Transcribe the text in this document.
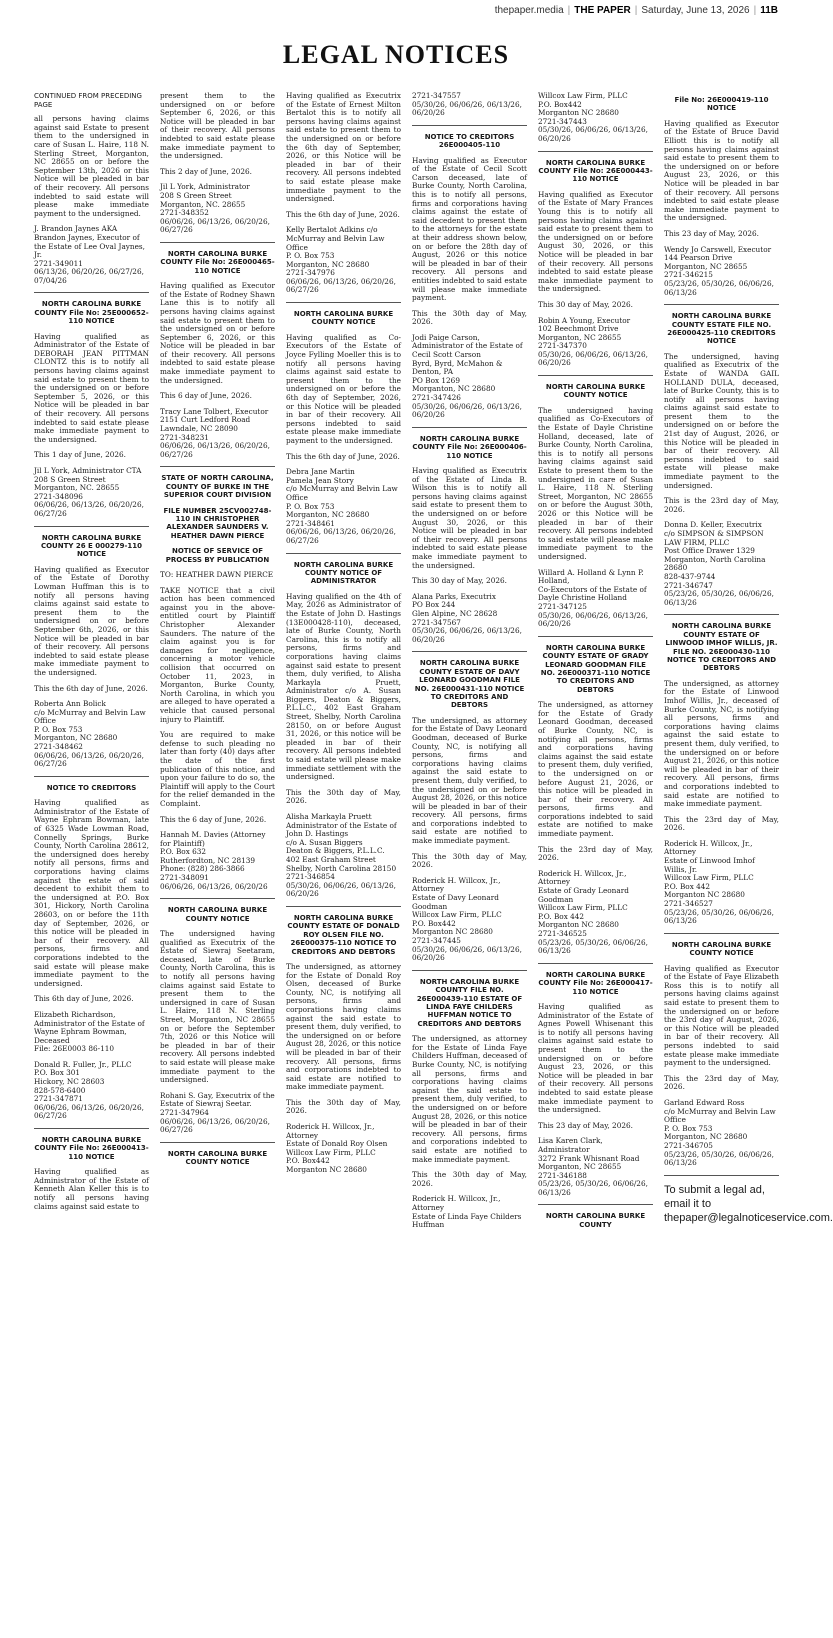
thepaper.media | THE PAPER | Saturday, June 13, 2026 | 11B
LEGAL NOTICES
CONTINUED FROM PRECEDING PAGE
all persons having claims against said Estate to present them to the undersigned in care of Susan L. Haire, 118 N. Sterling Street, Morganton, NC 28655 on or before the September 13th, 2026 or this Notice will be pleaded in bar of their recovery. All persons indebted to said estate will please make immediate payment to the undersigned.
J. Brandon Jaynes AKA Brandon Jaynes, Executor of the Estate of Lee Oval Jaynes, Jr.
2721-349011
06/13/26, 06/20/26, 06/27/26, 07/04/26
NORTH CAROLINA BURKE COUNTY File No: 25E000652-110 NOTICE
Having qualified as Administrator of the Estate of DEBORAH JEAN PITTMAN CLONTZ this is to notify all persons having claims against said estate to present them to the undersigned on or before September 5, 2026, or this Notice will be pleaded in bar of their recovery. All persons indebted to said estate please make immediate payment to the undersigned.
This 1 day of June, 2026.
Jil L York, Administrator CTA
208 S Green Street
Morganton, NC. 28655
2721-348096
06/06/26, 06/13/26, 06/20/26, 06/27/26
NORTH CAROLINA BURKE COUNTY 26 E 000279-110 NOTICE
Having qualified as Executor of the Estate of Dorothy Lowman Huffman this is to notify all persons having claims against said estate to present them to the undersigned on or before September 6th, 2026, or this Notice will be pleaded in bar of their recovery. All persons indebted to said estate please make immediate payment to the undersigned.
This the 6th day of June, 2026.
Roberta Ann Bolick
c/o McMurray and Belvin Law Office
P. O. Box 753
Morganton, NC 28680
2721-348462
06/06/26, 06/13/26, 06/20/26, 06/27/26
NOTICE TO CREDITORS
Having qualified as Administrator of the Estate of Wayne Ephram Bowman, late of 6325 Wade Lowman Road, Connelly Springs, Burke County, North Carolina 28612, the undersigned does hereby notify all persons, firms and corporations having claims against the estate of said decedent to exhibit them to the undersigned at P.O. Box 301, Hickory, North Carolina 28603, on or before the 11th day of September, 2026, or this notice will be pleaded in bar of their recovery. All persons, firms and corporations indebted to the said estate will please make immediate payment to the undersigned.
This 6th day of June, 2026.
Elizabeth Richardson, Administrator of the Estate of Wayne Ephram Bowman,
Deceased
File: 26E0003 86-110
Donald R. Fuller, Jr., PLLC
P.O. Box 301
Hickory, NC 28603
828-578-6400
2721-347871
06/06/26, 06/13/26, 06/20/26, 06/27/26
NORTH CAROLINA BURKE COUNTY File No: 26E000413-110 NOTICE
Having qualified as Administrator of the Estate of Kenneth Alan Keller this is to notify all persons having claims against said estate to
present them to the undersigned on or before September 6, 2026, or this Notice will be pleaded in bar of their recovery. All persons indebted to said estate please make immediate payment to the undersigned.
This 2 day of June, 2026.
Jil L York, Administrator
208 S Green Street
Morganton, NC. 28655
2721-348352
06/06/26, 06/13/26, 06/20/26, 06/27/26
NORTH CAROLINA BURKE COUNTY File No: 26E000465-110 NOTICE
Having qualified as Executor of the Estate of Rodney Shawn Lane this is to notify all persons having claims against said estate to present them to the undersigned on or before September 6, 2026, or this Notice will be pleaded in bar of their recovery. All persons indebted to said estate please make immediate payment to the undersigned.
This 6 day of June, 2026.
Tracy Lane Tolbert, Executor
2151 Curt Ledford Road
Lawndale, NC 28090
2721-348231
06/06/26, 06/13/26, 06/20/26, 06/27/26
STATE OF NORTH CAROLINA, COUNTY OF BURKE IN THE SUPERIOR COURT DIVISION
FILE NUMBER 25CV002748-110 IN CHRISTOPHER ALEXANDER SAUNDERS V. HEATHER DAWN PIERCE
NOTICE OF SERVICE OF PROCESS BY PUBLICATION
TO: HEATHER DAWN PIERCE
TAKE NOTICE that a civil action has been commenced against you in the above-entitled court by Plaintiff Christopher Alexander Saunders. The nature of the claim against you is for damages for negligence, concerning a motor vehicle collision that occurred on October 11, 2023, in Morganton, Burke County, North Carolina, in which you are alleged to have operated a vehicle that caused personal injury to Plaintiff.
You are required to make defense to such pleading no later than forty (40) days after the date of the first publication of this notice, and upon your failure to do so, the Plaintiff will apply to the Court for the relief demanded in the Complaint.
This the 6 day of June, 2026.
Hannah M. Davies (Attorney for Plaintiff)
P.O. Box 632
Rutherfordton, NC 28139
Phone: (828) 286-3866
2721-348091
06/06/26, 06/13/26, 06/20/26
NORTH CAROLINA BURKE COUNTY NOTICE
The undersigned having qualified as Executrix of the Estate of Siewraj Seetaram, deceased, late of Burke County, North Carolina, this is to notify all persons having claims against said Estate to present them to the undersigned in care of Susan L. Haire, 118 N. Sterling Street, Morganton, NC 28655 on or before the September 7th, 2026 or this Notice will be pleaded in bar of their recovery. All persons indebted to said estate will please make immediate payment to the undersigned.
Rohani S. Gay, Executrix of the Estate of Siewraj Seetar.
2721-347964
06/06/26, 06/13/26, 06/20/26, 06/27/26
NORTH CAROLINA BURKE COUNTY NOTICE
Having qualified as Executrix of the Estate of Ernest Milton Bertalot this is to notify all persons having claims against said estate to present them to the undersigned on or before the 6th day of September, 2026, or this Notice will be pleaded in bar of their recovery. All persons indebted to said estate please make immediate payment to the undersigned.
This the 6th day of June, 2026.
Kelly Bertalot Adkins c/o McMurray and Belvin Law Office
P. O. Box 753
Morganton, NC 28680
2721-347976
06/06/26, 06/13/26, 06/20/26, 06/27/26
NORTH CAROLINA BURKE COUNTY NOTICE
Having qualified as Co-Executors of the Estate of Joyce Fylling Moeller this is to notify all persons having claims against said estate to present them to the undersigned on or before the 6th day of September, 2026, or this Notice will be pleaded in bar of their recovery. All persons indebted to said estate please make immediate payment to the undersigned.
This the 6th day of June, 2026.
Debra Jane Martin
Pamela Jean Story
c/o McMurray and Belvin Law Office
P. O. Box 753
Morganton, NC 28680
2721-348461
06/06/26, 06/13/26, 06/20/26, 06/27/26
NORTH CAROLINA BURKE COUNTY NOTICE OF ADMINISTRATOR
Having qualified on the 4th of May, 2026 as Administrator of the Estate of John D. Hastings (13E000428-110), deceased, late of Burke County, North Carolina, this is to notify all persons, firms and corporations having claims against said estate to present them, duly verified, to Alisha Markayla Pruett, Administrator c/o A. Susan Biggers, Deaton & Biggers, P.L.L.C., 402 East Graham Street, Shelby, North Carolina 28150, on or before August 31, 2026, or this notice will be pleaded in bar of their recovery. All persons indebted to said estate will please make immediate settlement with the undersigned.
This the 30th day of May, 2026.
Alisha Markayla Pruett
Administrator of the Estate of John D. Hastings
c/o A. Susan Biggers
Deaton & Biggers, P.L.L.C.
402 East Graham Street
Shelby, North Carolina 28150
2721-346854
05/30/26, 06/06/26, 06/13/26, 06/20/26
NORTH CAROLINA BURKE COUNTY ESTATE OF DONALD ROY OLSEN FILE NO. 26E000375-110 NOTICE TO CREDITORS AND DEBTORS
The undersigned, as attorney for the Estate of Donald Roy Olsen, deceased of Burke County, NC, is notifying all persons, firms and corporations having claims against the said estate to present them, duly verified, to the undersigned on or before August 28, 2026, or this notice will be pleaded in bar of their recovery. All persons, firms and corporations indebted to said estate are notified to make immediate payment.
This the 30th day of May, 2026.
Roderick H. Willcox, Jr., Attorney
Estate of Donald Roy Olsen
Willcox Law Firm, PLLC
P.O. Box442
Morganton NC 28680
2721-347557
05/30/26, 06/06/26, 06/13/26, 06/20/26
NOTICE TO CREDITORS 26E000405-110
Having qualified as Executor of the Estate of Cecil Scott Carson deceased, late of Burke County, North Carolina, this is to notify all persons, firms and corporations having claims against the estate of said decedent to present them to the attorneys for the estate at their address shown below, on or before the 28th day of August, 2026 or this notice will be pleaded in bar of their recovery. All persons and entities indebted to said estate will please make immediate payment.
This the 30th day of May, 2026.
Jodi Paige Carson, Administrator of the Estate of Cecil Scott Carson
Byrd, Byrd, McMahon & Denton, PA
PO Box 1269
Morganton, NC 28680
2721-347426
05/30/26, 06/06/26, 06/13/26, 06/20/26
NORTH CAROLINA BURKE COUNTY File No: 26E000406-110 NOTICE
Having qualified as Executrix of the Estate of Linda B. Wilson this is to notify all persons having claims against said estate to present them to the undersigned on or before August 30, 2026, or this Notice will be pleaded in bar of their recovery. All persons indebted to said estate please make immediate payment to the undersigned.
This 30 day of May, 2026.
Alana Parks, Executrix
PO Box 244
Glen Alpine, NC 28628
2721-347567
05/30/26, 06/06/26, 06/13/26, 06/20/26
NORTH CAROLINA BURKE COUNTY ESTATE OF DAVY LEONARD GOODMAN FILE NO. 26E000431-110 NOTICE TO CREDITORS AND DEBTORS
The undersigned, as attorney for the Estate of Davy Leonard Goodman, deceased of Burke County, NC, is notifying all persons, firms and corporations having claims against the said estate to present them, duly verified, to the undersigned on or before August 28, 2026, or this notice will be pleaded in bar of their recovery. All persons, firms and corporations indebted to said estate are notified to make immediate payment.
This the 30th day of May, 2026.
Roderick H. Willcox, Jr., Attorney
Estate of Davy Leonard Goodman
Willcox Law Firm, PLLC
P.O. Box442
Morganton NC 28680
2721-347445
05/30/26, 06/06/26, 06/13/26, 06/20/26
NORTH CAROLINA BURKE COUNTY FILE NO. 26E000439-110 ESTATE OF LINDA FAYE CHILDERS HUFFMAN NOTICE TO CREDITORS AND DEBTORS
The undersigned, as attorney for the Estate of Linda Faye Childers Huffman, deceased of Burke County, NC, is notifying all persons, firms and corporations having claims against the said estate to present them, duly verified, to the undersigned on or before August 28, 2026, or this notice will be pleaded in bar of their recovery. All persons, firms and corporations indebted to said estate are notified to make immediate payment.
This the 30th day of May, 2026.
Roderick H. Willcox, Jr., Attorney
Estate of Linda Faye Childers Huffman
Willcox Law Firm, PLLC
P.O. Box442
Morganton NC 28680
2721-347443
05/30/26, 06/06/26, 06/13/26, 06/20/26
NORTH CAROLINA BURKE COUNTY File No: 26E000443-110 NOTICE
Having qualified as Executor of the Estate of Mary Frances Young this is to notify all persons having claims against said estate to present them to the undersigned on or before August 30, 2026, or this Notice will be pleaded in bar of their recovery. All persons indebted to said estate please make immediate payment to the undersigned.
This 30 day of May, 2026.
Robin A Young, Executor
102 Beechmont Drive
Morganton, NC 28655
2721-347370
05/30/26, 06/06/26, 06/13/26, 06/20/26
NORTH CAROLINA BURKE COUNTY NOTICE
The undersigned having qualified as Co-Executors of the Estate of Dayle Christine Holland, deceased, late of Burke County, North Carolina, this is to notify all persons having claims against said Estate to present them to the undersigned in care of Susan L. Haire, 118 N. Sterling Street, Morganton, NC 28655 on or before the August 30th, 2026 or this Notice will be pleaded in bar of their recovery. All persons indebted to said estate will please make immediate payment to the undersigned.
Willard A. Holland & Lynn P. Holland,
Co-Executors of the Estate of Dayle Christine Holland
2721-347125
05/30/26, 06/06/26, 06/13/26, 06/20/26
NORTH CAROLINA BURKE COUNTY ESTATE OF GRADY LEONARD GOODMAN FILE NO. 26E000371-110 NOTICE TO CREDITORS AND DEBTORS
The undersigned, as attorney for the Estate of Grady Leonard Goodman, deceased of Burke County, NC, is notifying all persons, firms and corporations having claims against the said estate to present them, duly verified, to the undersigned on or before August 21, 2026, or this notice will be pleaded in bar of their recovery. All persons, firms and corporations indebted to said estate are notified to make immediate payment.
This the 23rd day of May, 2026.
Roderick H. Willcox, Jr., Attorney
Estate of Grady Leonard Goodman
Willcox Law Firm, PLLC
P.O. Box 442
Morganton NC 28680
2721-346525
05/23/26, 05/30/26, 06/06/26, 06/13/26
NORTH CAROLINA BURKE COUNTY File No: 26E000417-110 NOTICE
Having qualified as Administrator of the Estate of Agnes Powell Whisenant this is to notify all persons having claims against said estate to present them to the undersigned on or before August 23, 2026, or this Notice will be pleaded in bar of their recovery. All persons indebted to said estate please make immediate payment to the undersigned.
This 23 day of May, 2026.
Lisa Karen Clark, Administrator
3272 Frank Whisnant Road
Morganton, NC 28655
2721-346188
05/23/26, 05/30/26, 06/06/26, 06/13/26
NORTH CAROLINA BURKE COUNTY
File No: 26E000419-110 NOTICE
Having qualified as Executor of the Estate of Bruce David Elliott this is to notify all persons having claims against said estate to present them to the undersigned on or before August 23, 2026, or this Notice will be pleaded in bar of their recovery. All persons indebted to said estate please make immediate payment to the undersigned.
This 23 day of May, 2026.
Wendy Jo Carswell, Executor
144 Pearson Drive
Morganton, NC 28655
2721-346215
05/23/26, 05/30/26, 06/06/26, 06/13/26
NORTH CAROLINA BURKE COUNTY ESTATE FILE NO. 26E000425-110 CREDITORS NOTICE
The undersigned, having qualified as Executrix of the Estate of WANDA GAIL HOLLAND DULA, deceased, late of Burke County, this is to notify all persons having claims against said estate to present them to the undersigned on or before the 21st day of August, 2026, or this Notice will be pleaded in bar of their recovery. All persons indebted to said estate will please make immediate payment to the undersigned.
This is the 23rd day of May, 2026.
Donna D. Keller, Executrix
c/o SIMPSON & SIMPSON LAW FIRM, PLLC
Post Office Drawer 1329
Morganton, North Carolina 28680
828-437-9744
2721-346747
05/23/26, 05/30/26, 06/06/26, 06/13/26
NORTH CAROLINA BURKE COUNTY ESTATE OF LINWOOD IMHOF WILLIS, JR. FILE NO. 26E000430-110 NOTICE TO CREDITORS AND DEBTORS
The undersigned, as attorney for the Estate of Linwood Imhof Willis, Jr., deceased of Burke County, NC, is notifying all persons, firms and corporations having claims against the said estate to present them, duly verified, to the undersigned on or before August 21, 2026, or this notice will be pleaded in bar of their recovery. All persons, firms and corporations indebted to said estate are notified to make immediate payment.
This the 23rd day of May, 2026.
Roderick H. Willcox, Jr., Attorney
Estate of Linwood Imhof Willis, Jr.
Willcox Law Firm, PLLC
P.O. Box 442
Morganton NC 28680
2721-346527
05/23/26, 05/30/26, 06/06/26, 06/13/26
NORTH CAROLINA BURKE COUNTY NOTICE
Having qualified as Executor of the Estate of Faye Elizabeth Ross this is to notify all persons having claims against said estate to present them to the undersigned on or before the 23rd day of August, 2026, or this Notice will be pleaded in bar of their recovery. All persons indebted to said estate please make immediate payment to the undersigned.
This the 23rd day of May, 2026.
Garland Edward Ross
c/o McMurray and Belvin Law Office
P. O. Box 753
Morganton, NC 28680
2721-346705
05/23/26, 05/30/26, 06/06/26, 06/13/26
To submit a legal ad, email it to thepaper@legalnoticeservice.com.
